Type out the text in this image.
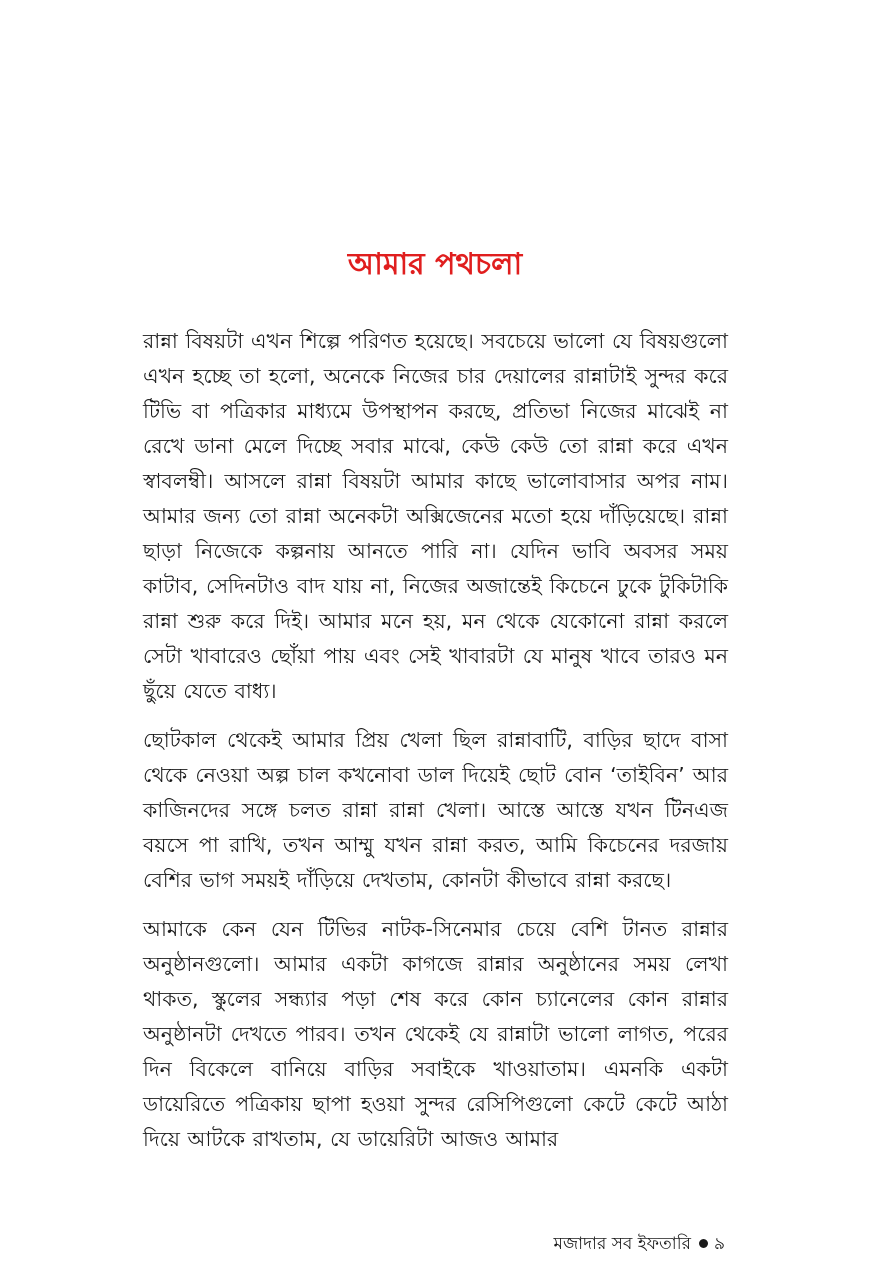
আমার পথচলা

রান্না বিষয়টা এখন শিল্পে পরিণত হয়েছে। সবচেয়ে ভালো যে বিষয়গুলো এখন হচ্ছে তা হলো, অনেকে নিজের চার দেয়ালের রান্নাটাই সুন্দর করে টিভি বা পত্রিকার মাধ্যমে উপস্থাপন করছে, প্রতিভা নিজের মাঝেই না রেখে ডানা মেলে দিচ্ছে সবার মাঝে, কেউ কেউ তো রান্না করে এখন স্বাবলম্বী। আসলে রান্না বিষয়টা আমার কাছে ভালোবাসার অপর নাম। আমার জন্য তো রান্না অনেকটা অক্সিজেনের মতো হয়ে দাঁড়িয়েছে। রান্না ছাড়া নিজেকে কল্পনায় আনতে পারি না। যেদিন ভাবি অবসর সময় কাটাব, সেদিনটাও বাদ যায় না, নিজের অজান্তেই কিচেনে ঢুকে টুকিটাকি রান্না শুরু করে দিই। আমার মনে হয়, মন থেকে যেকোনো রান্না করলে সেটা খাবারেও ছোঁয়া পায় এবং সেই খাবারটা যে মানুষ খাবে তারও মন ছুঁয়ে যেতে বাধ্য।

ছোটকাল থেকেই আমার প্রিয় খেলা ছিল রান্নাবাটি, বাড়ির ছাদে বাসা থেকে নেওয়া অল্প চাল কখনোবা ডাল দিয়েই ছোট বোন ‘তাইবিন’ আর কাজিনদের সঙ্গে চলত রান্না রান্না খেলা। আস্তে আস্তে যখন টিনএজ বয়সে পা রাখি, তখন আম্মু যখন রান্না করত, আমি কিচেনের দরজায় বেশির ভাগ সময়ই দাঁড়িয়ে দেখতাম, কোনটা কীভাবে রান্না করছে।

আমাকে কেন যেন টিভির নাটক-সিনেমার চেয়ে বেশি টানত রান্নার অনুষ্ঠানগুলো। আমার একটা কাগজে রান্নার অনুষ্ঠানের সময় লেখা থাকত, স্কুলের সন্ধ্যার পড়া শেষ করে কোন চ্যানেলের কোন রান্নার অনুষ্ঠানটা দেখতে পারব। তখন থেকেই যে রান্নাটা ভালো লাগত, পরের দিন বিকেলে বানিয়ে বাড়ির সবাইকে খাওয়াতাম। এমনকি একটা ডায়েরিতে পত্রিকায় ছাপা হওয়া সুন্দর রেসিপিগুলো কেটে কেটে আঠা দিয়ে আটকে রাখতাম, যে ডায়েরিটা আজও আমার

মজাদার সব ইফতারি ৯
